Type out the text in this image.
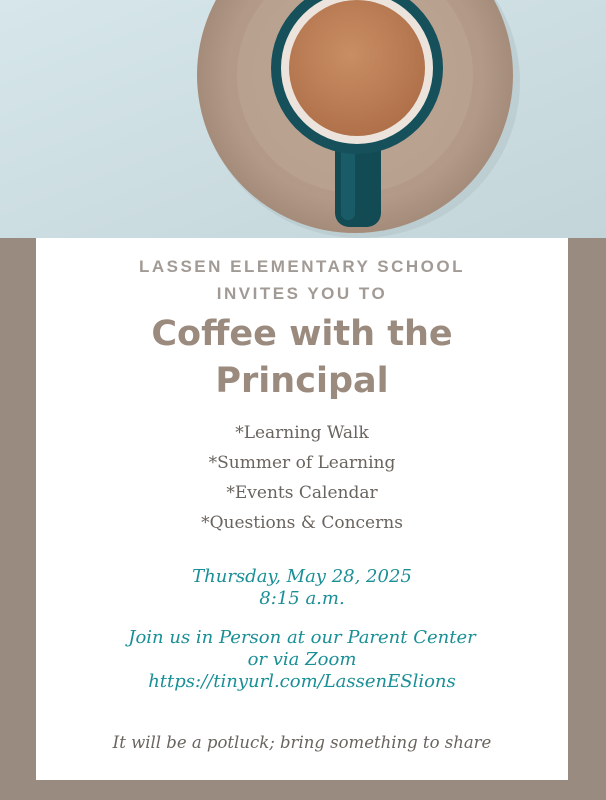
LASSEN ELEMENTARY SCHOOL
INVITES YOU TO
Coffee with the
Principal
*Learning Walk
*Summer of Learning
*Events Calendar
*Questions & Concerns
Thursday, May 28, 2025
8:15 a.m.
Join us in Person at our Parent Center
or via Zoom
https://tinyurl.com/LassenESlions
It will be a potluck; bring something to share
